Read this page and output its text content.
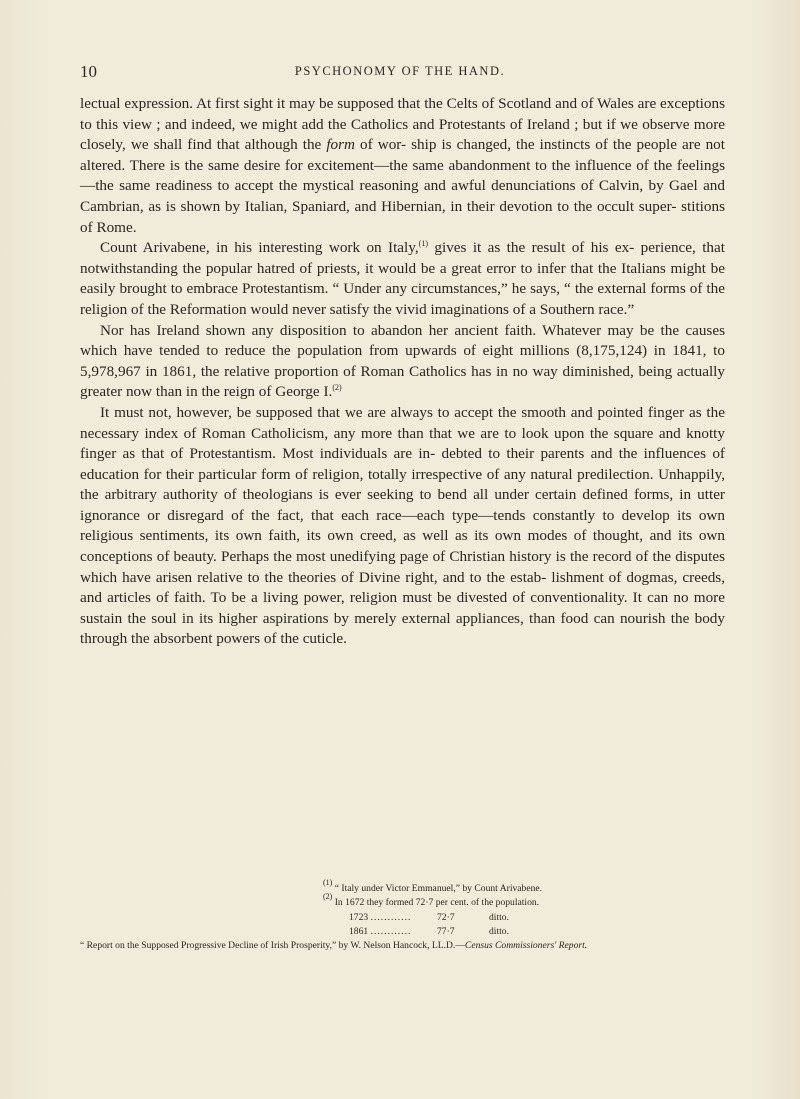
10	PSYCHONOMY OF THE HAND.

lectual expression. At first sight it may be supposed that the Celts of Scotland and of Wales are exceptions to this view ; and indeed, we might add the Catholics and Protestants of Ireland ; but if we observe more closely, we shall find that although the form of wor- ship is changed, the instincts of the people are not altered. There is the same desire for excitement—the same abandonment to the influence of the feelings—the same readiness to accept the mystical reasoning and awful denunciations of Calvin, by Gael and Cambrian, as is shown by Italian, Spaniard, and Hibernian, in their devotion to the occult super- stitions of Rome.

Count Arivabene, in his interesting work on Italy,$^{(1)}$ gives it as the result of his ex- perience, that notwithstanding the popular hatred of priests, it would be a great error to infer that the Italians might be easily brought to embrace Protestantism. “ Under any circumstances,” he says, “ the external forms of the religion of the Reformation would never satisfy the vivid imaginations of a Southern race.”

Nor has Ireland shown any disposition to abandon her ancient faith. Whatever may be the causes which have tended to reduce the population from upwards of eight millions (8,175,124) in 1841, to 5,978,967 in 1861, the relative proportion of Roman Catholics has in no way diminished, being actually greater now than in the reign of George I.$^{(2)}$

It must not, however, be supposed that we are always to accept the smooth and pointed finger as the necessary index of Roman Catholicism, any more than that we are to look upon the square and knotty finger as that of Protestantism. Most individuals are in- debted to their parents and the influences of education for their particular form of religion, totally irrespective of any natural predilection. Unhappily, the arbitrary authority of theologians is ever seeking to bend all under certain defined forms, in utter ignorance or disregard of the fact, that each race—each type—tends constantly to develop its own religious sentiments, its own faith, its own creed, as well as its own modes of thought, and its own conceptions of beauty. Perhaps the most unedifying page of Christian history is the record of the disputes which have arisen relative to the theories of Divine right, and to the estab- lishment of dogmas, creeds, and articles of faith. To be a living power, religion must be divested of conventionality. It can no more sustain the soul in its higher aspirations by merely external appliances, than food can nourish the body through the absorbent powers of the cuticle.

$^{(1)}$ “ Italy under Victor Emmanuel,” by Count Arivabene.
$^{(2)}$ In 1672 they formed 72·7 per cent. of the population.
1723 ............	72·7	ditto.
1861 ............	77·7	ditto.
“ Report on the Supposed Progressive Decline of Irish Prosperity,” by W. Nelson Hancock, LL.D.—Census Commissioners' Report.
